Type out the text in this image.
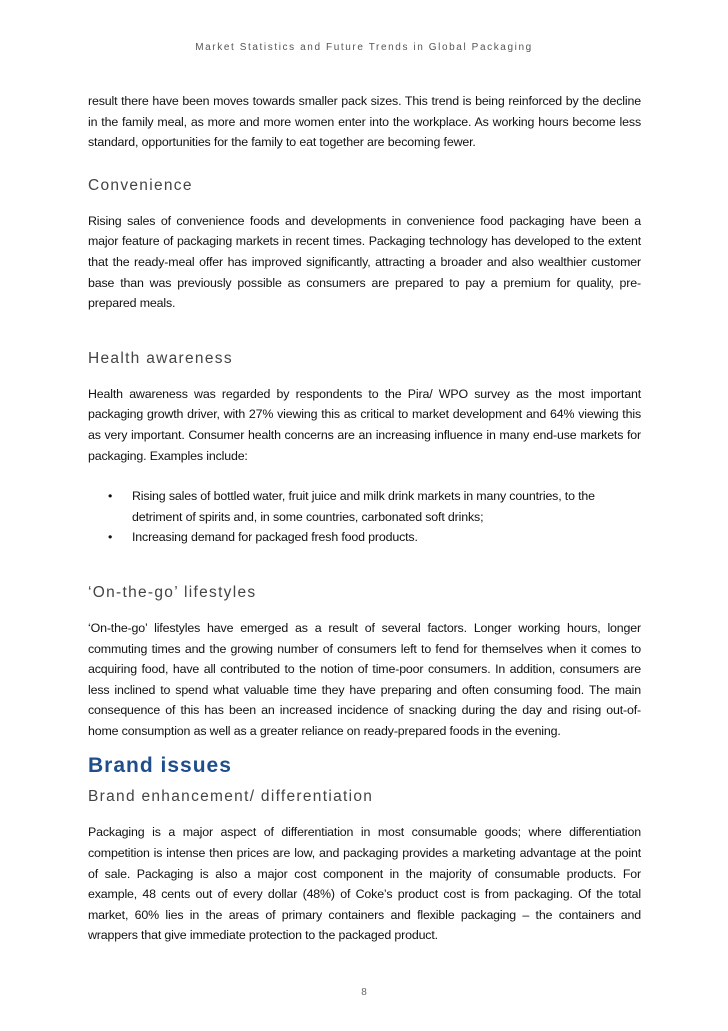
Market Statistics and Future Trends in Global Packaging

result there have been moves towards smaller pack sizes. This trend is being reinforced by the decline in the family meal, as more and more women enter into the workplace. As working hours become less standard, opportunities for the family to eat together are becoming fewer.

Convenience

Rising sales of convenience foods and developments in convenience food packaging have been a major feature of packaging markets in recent times. Packaging technology has developed to the extent that the ready-meal offer has improved significantly, attracting a broader and also wealthier customer base than was previously possible as consumers are prepared to pay a premium for quality, pre-prepared meals.

Health awareness

Health awareness was regarded by respondents to the Pira/ WPO survey as the most important packaging growth driver, with 27% viewing this as critical to market development and 64% viewing this as very important. Consumer health concerns are an increasing influence in many end-use markets for packaging. Examples include:

• Rising sales of bottled water, fruit juice and milk drink markets in many countries, to the detriment of spirits and, in some countries, carbonated soft drinks;
• Increasing demand for packaged fresh food products.
‘On-the-go’ lifestyles

‘On-the-go’ lifestyles have emerged as a result of several factors. Longer working hours, longer commuting times and the growing number of consumers left to fend for themselves when it comes to acquiring food, have all contributed to the notion of time-poor consumers. In addition, consumers are less inclined to spend what valuable time they have preparing and often consuming food. The main consequence of this has been an increased incidence of snacking during the day and rising out-of-home consumption as well as a greater reliance on ready-prepared foods in the evening.

Brand issues
Brand enhancement/ differentiation

Packaging is a major aspect of differentiation in most consumable goods; where differentiation competition is intense then prices are low, and packaging provides a marketing advantage at the point of sale. Packaging is also a major cost component in the majority of consumable products. For example, 48 cents out of every dollar (48%) of Coke’s product cost is from packaging. Of the total market, 60% lies in the areas of primary containers and flexible packaging – the containers and wrappers that give immediate protection to the packaged product.

8
